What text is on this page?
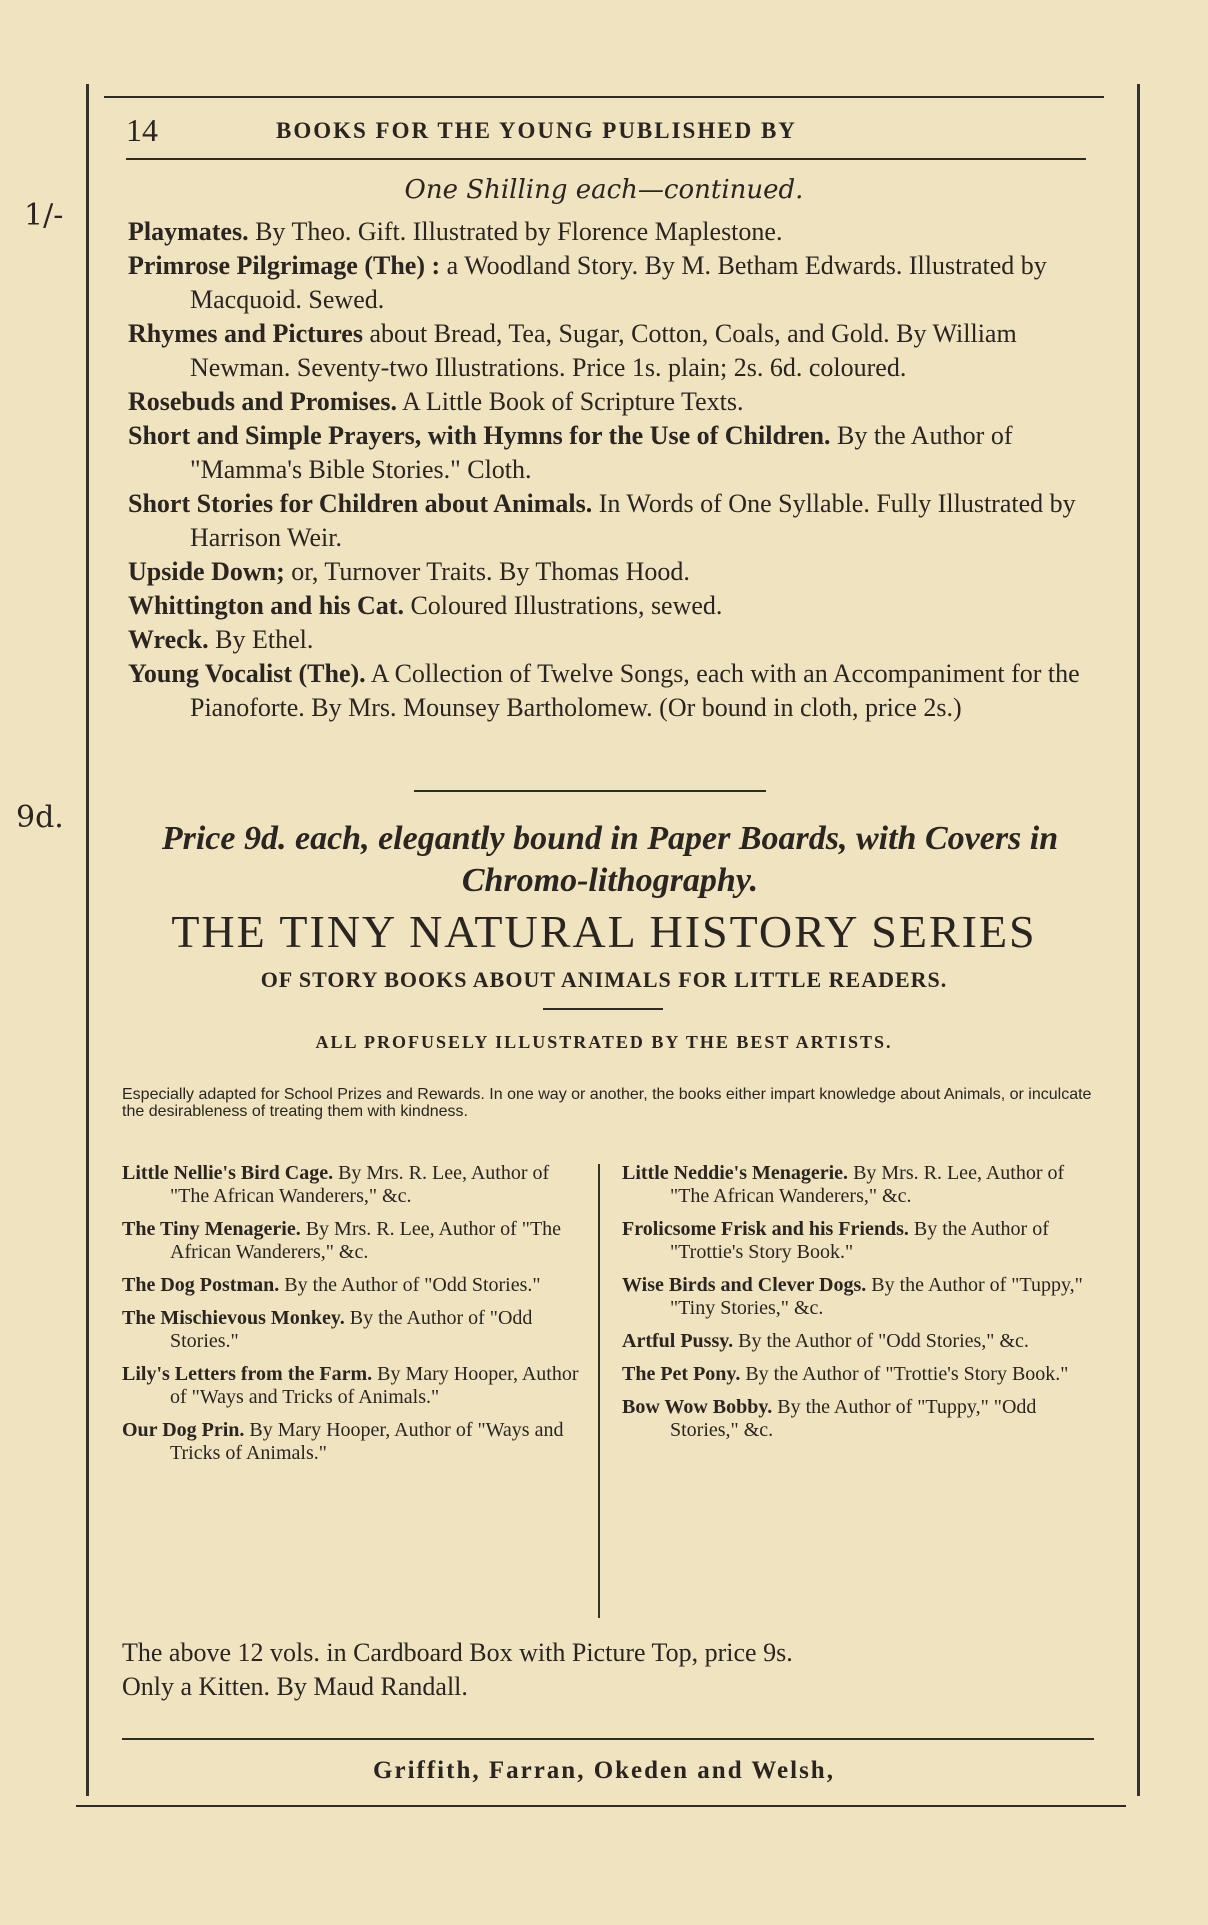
1/-
9d.
14	BOOKS FOR THE YOUNG PUBLISHED BY
One Shilling each—continued.

Playmates. By Theo. Gift. Illustrated by Florence Maplestone.

Primrose Pilgrimage (The) : a Woodland Story. By M. Betham Edwards. Illustrated by Macquoid. Sewed.

Rhymes and Pictures about Bread, Tea, Sugar, Cotton, Coals, and Gold. By William Newman. Seventy-two Illustrations. Price 1s. plain; 2s. 6d. coloured.

Rosebuds and Promises. A Little Book of Scripture Texts.

Short and Simple Prayers, with Hymns for the Use of Children. By the Author of "Mamma's Bible Stories." Cloth.

Short Stories for Children about Animals. In Words of One Syllable. Fully Illustrated by Harrison Weir.

Upside Down; or, Turnover Traits. By Thomas Hood.

Whittington and his Cat. Coloured Illustrations, sewed.

Wreck. By Ethel.

Young Vocalist (The). A Collection of Twelve Songs, each with an Accompaniment for the Pianoforte. By Mrs. Mounsey Bartholomew. (Or bound in cloth, price 2s.)

Price 9d. each, elegantly bound in Paper Boards, with Covers in Chromo-lithography.
THE TINY NATURAL HISTORY SERIES
OF STORY BOOKS ABOUT ANIMALS FOR LITTLE READERS.
ALL PROFUSELY ILLUSTRATED BY THE BEST ARTISTS.
Especially adapted for School Prizes and Rewards. In one way or another, the books either impart knowledge about Animals, or inculcate the desirableness of treating them with kindness.

Little Nellie's Bird Cage. By Mrs. R. Lee, Author of "The African Wanderers," &c.

The Tiny Menagerie. By Mrs. R. Lee, Author of "The African Wanderers," &c.

The Dog Postman. By the Author of "Odd Stories."

The Mischievous Monkey. By the Author of "Odd Stories."

Lily's Letters from the Farm. By Mary Hooper, Author of "Ways and Tricks of Animals."

Our Dog Prin. By Mary Hooper, Author of "Ways and Tricks of Animals."

Little Neddie's Menagerie. By Mrs. R. Lee, Author of "The African Wanderers," &c.

Frolicsome Frisk and his Friends. By the Author of "Trottie's Story Book."

Wise Birds and Clever Dogs. By the Author of "Tuppy," "Tiny Stories," &c.

Artful Pussy. By the Author of "Odd Stories," &c.

The Pet Pony. By the Author of "Trottie's Story Book."

Bow Wow Bobby. By the Author of "Tuppy," "Odd Stories," &c.

The above 12 vols. in Cardboard Box with Picture Top, price 9s.

Only a Kitten. By Maud Randall.

Griffith, Farran, Okeden and Welsh,
